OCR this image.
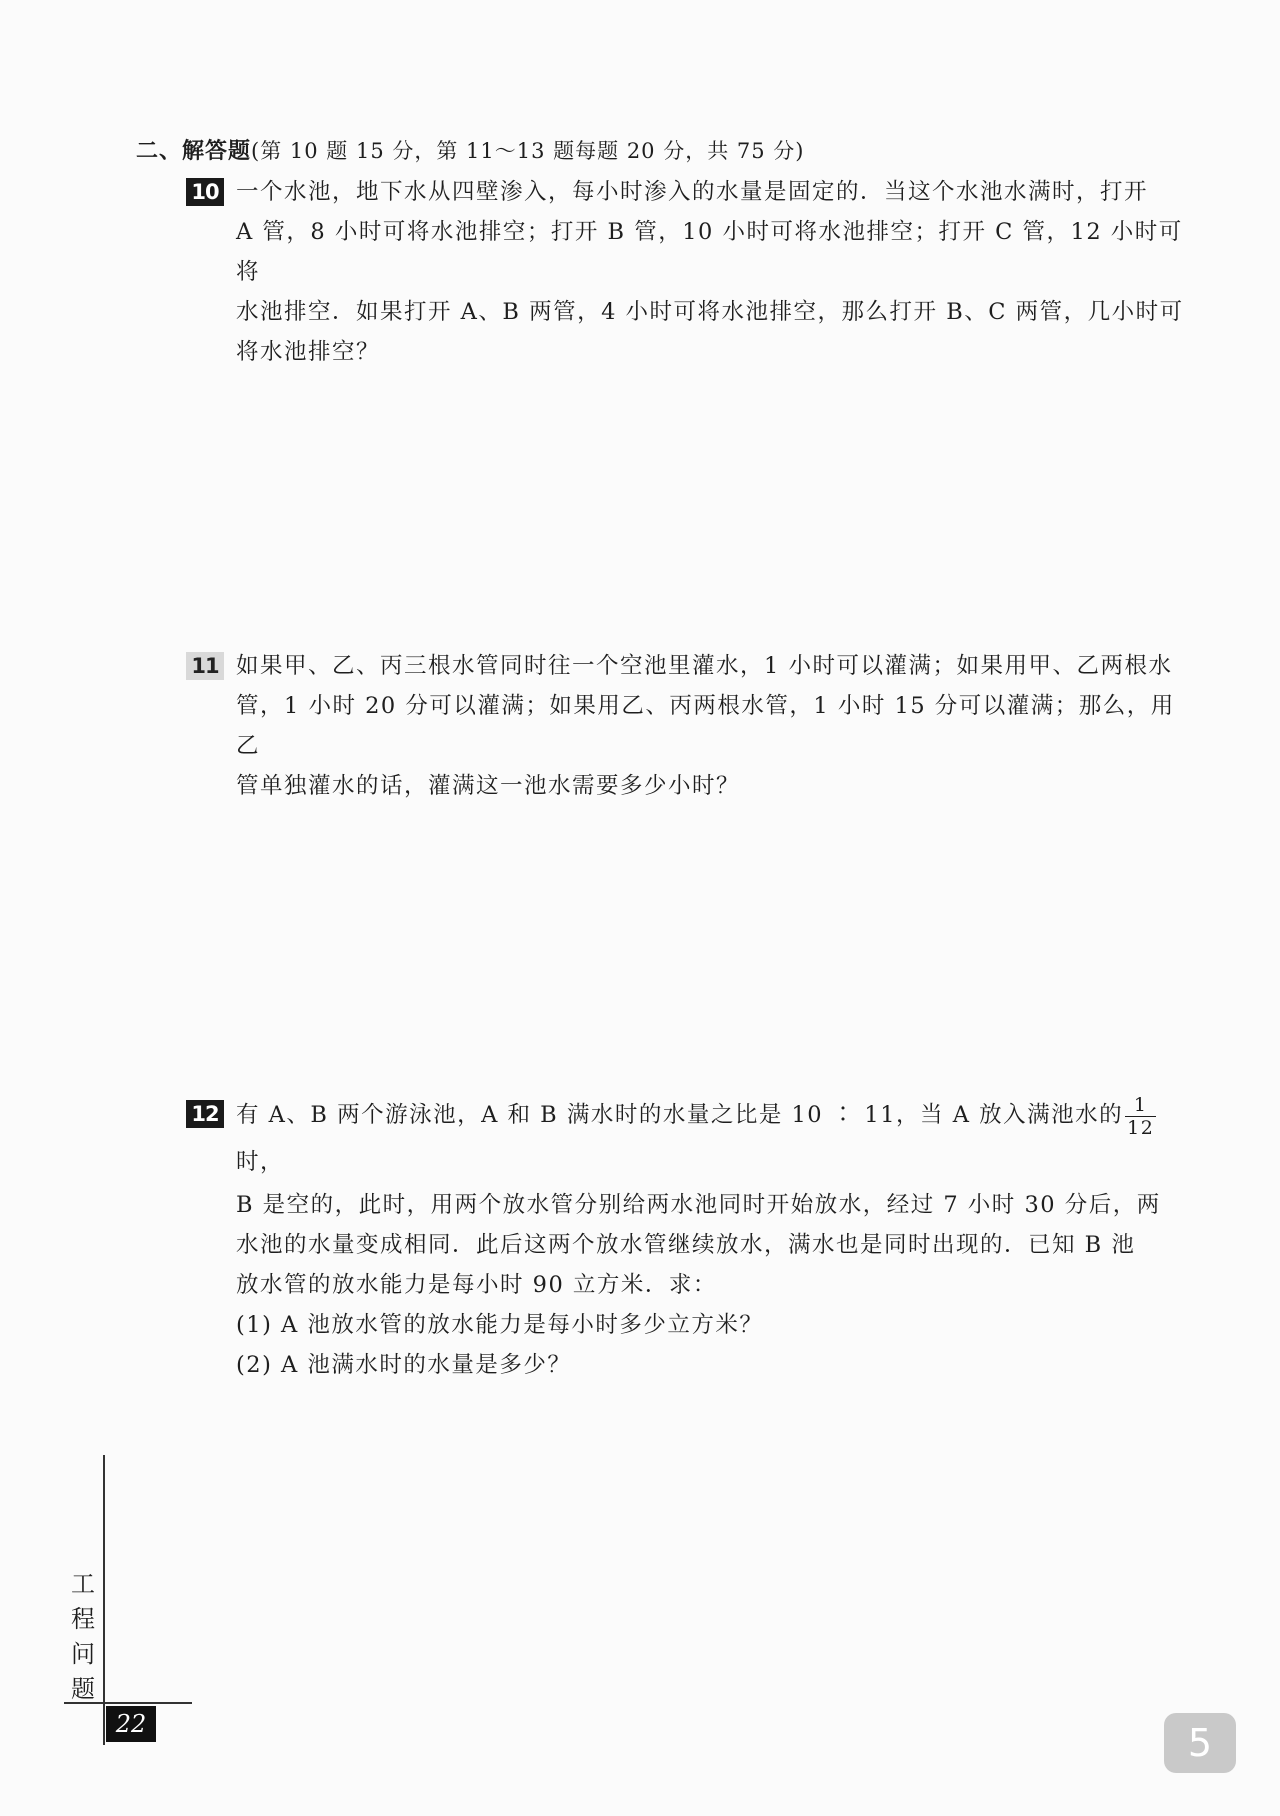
二、解答题(第 10 题 15 分，第 11～13 题每题 20 分，共 75 分)
10 一个水池，地下水从四壁渗入，每小时渗入的水量是固定的．当这个水池水满时，打开

A 管，8 小时可将水池排空；打开 B 管，10 小时可将水池排空；打开 C 管，12 小时可将

水池排空．如果打开 A、B 两管，4 小时可将水池排空，那么打开 B、C 两管，几小时可

将水池排空？

11 如果甲、乙、丙三根水管同时往一个空池里灌水，1 小时可以灌满；如果用甲、乙两根水

管，1 小时 20 分可以灌满；如果用乙、丙两根水管，1 小时 15 分可以灌满；那么，用乙

管单独灌水的话，灌满这一池水需要多少小时？

12 有 A、B 两个游泳池，A 和 B 满水时的水量之比是 10 ∶ 11，当 A 放入满池水的 $\frac{1}{12}$
时，

B 是空的，此时，用两个放水管分别给两水池同时开始放水，经过 7 小时 30 分后，两

水池的水量变成相同．此后这两个放水管继续放水，满水也是同时出现的．已知 B 池

放水管的放水能力是每小时 90 立方米．求：

(1) A 池放水管的放水能力是每小时多少立方米？

(2) A 池满水时的水量是多少？

工
程
问
题
22	5
